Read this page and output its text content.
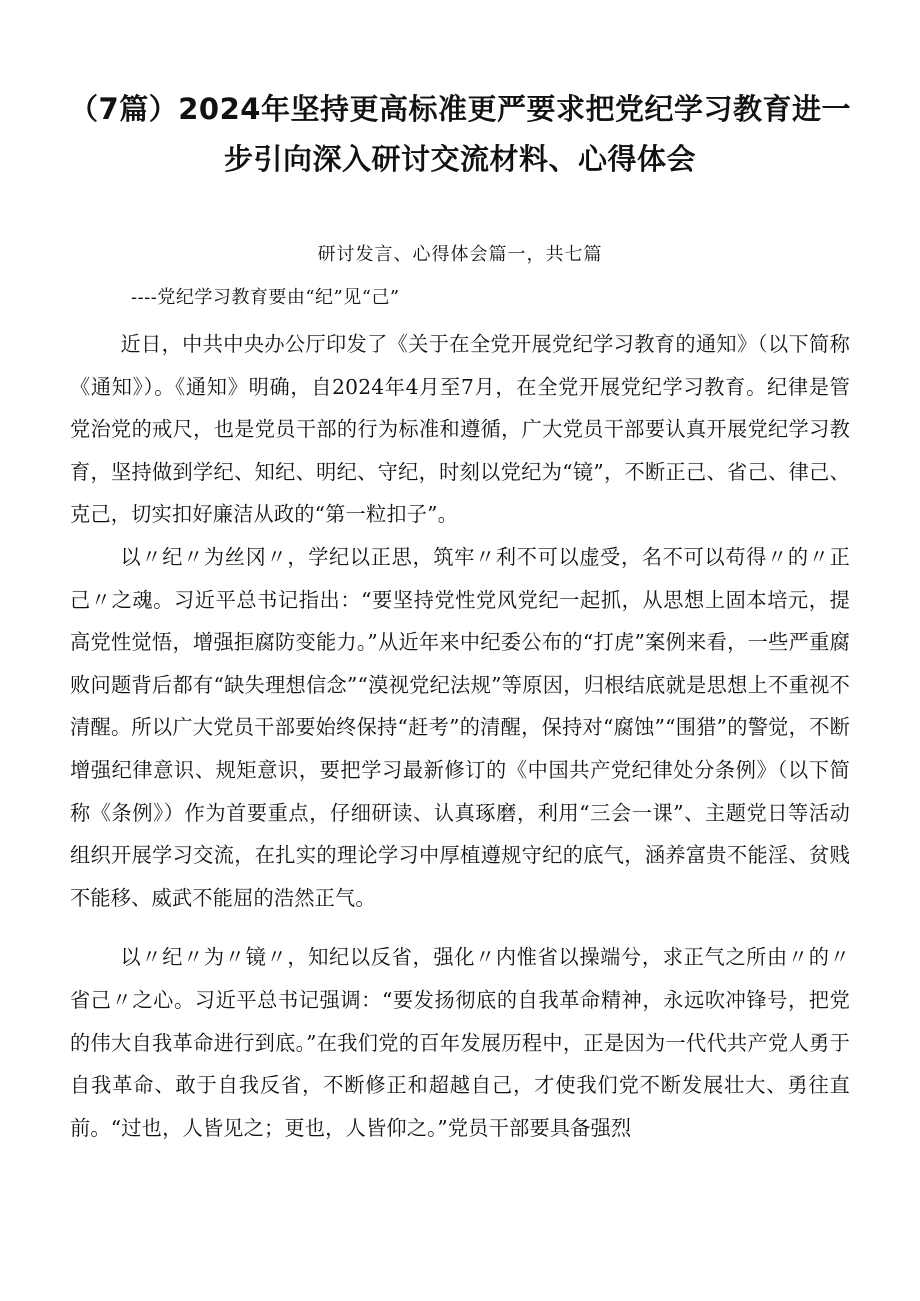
（7篇）2024年坚持更高标准更严要求把党纪学习教育进一步引向深入研讨交流材料、心得体会

研讨发言、心得体会篇一，共七篇

----党纪学习教育要由“纪”见“己”

近日，中共中央办公厅印发了《关于在全党开展党纪学习教育的通知》（以下简称《通知》）。《通知》明确，自2024年4月至7月，在全党开展党纪学习教育。纪律是管党治党的戒尺，也是党员干部的行为标准和遵循，广大党员干部要认真开展党纪学习教育，坚持做到学纪、知纪、明纪、守纪，时刻以党纪为“镜”，不断正己、省己、律己、克己，切实扣好廉洁从政的“第一粒扣子”。

以〃纪〃为丝冈〃，学纪以正思，筑牢〃利不可以虚受，名不可以苟得〃的〃正己〃之魂。习近平总书记指出：“要坚持党性党风党纪一起抓，从思想上固本培元，提高党性觉悟，增强拒腐防变能力。”从近年来中纪委公布的“打虎”案例来看，一些严重腐败问题背后都有“缺失理想信念”“漠视党纪法规”等原因，归根结底就是思想上不重视不清醒。所以广大党员干部要始终保持“赶考”的清醒，保持对“腐蚀”“围猎”的警觉，不断增强纪律意识、规矩意识，要把学习最新修订的《中国共产党纪律处分条例》（以下简称《条例》）作为首要重点，仔细研读、认真琢磨，利用“三会一课”、主题党日等活动组织开展学习交流，在扎实的理论学习中厚植遵规守纪的底气，涵养富贵不能淫、贫贱不能移、威武不能屈的浩然正气。

以〃纪〃为〃镜〃，知纪以反省，强化〃内惟省以操端兮，求正气之所由〃的〃省己〃之心。习近平总书记强调：“要发扬彻底的自我革命精神，永远吹冲锋号，把党的伟大自我革命进行到底。”在我们党的百年发展历程中，正是因为一代代共产党人勇于自我革命、敢于自我反省，不断修正和超越自己，才使我们党不断发展壮大、勇往直前。“过也，人皆见之；更也，人皆仰之。”党员干部要具备强烈
